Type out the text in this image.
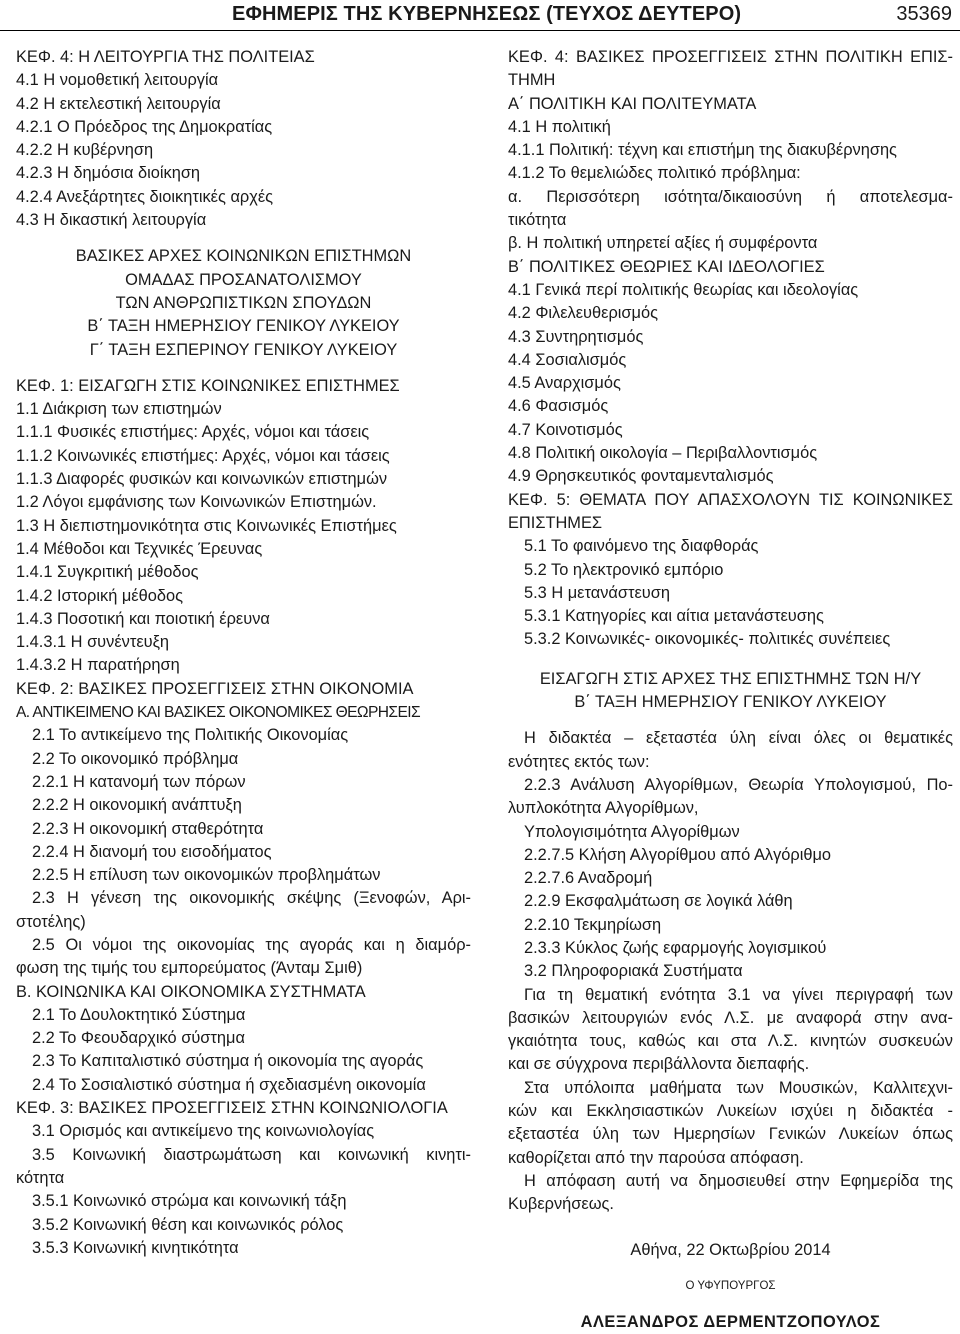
ΕΦΗΜΕΡΙΣ ΤΗΣ ΚΥΒΕΡΝΗΣΕΩΣ (ΤΕΥΧΟΣ ΔΕΥΤΕΡΟ)	35369
ΚΕΦ. 4: Η ΛΕΙΤΟΥΡΓΙΑ ΤΗΣ ΠΟΛΙΤΕΙΑΣ
4.1 Η νομοθετική λειτουργία
4.2 Η εκτελεστική λειτουργία
4.2.1 Ο Πρόεδρος της Δημοκρατίας
4.2.2 Η κυβέρνηση
4.2.3 Η δημόσια διοίκηση
4.2.4 Ανεξάρτητες διοικητικές αρχές
4.3 Η δικαστική λειτουργία
ΒΑΣΙΚΕΣ ΑΡΧΕΣ ΚΟΙΝΩΝΙΚΩΝ ΕΠΙΣΤΗΜΩΝ
ΟΜΑΔΑΣ ΠΡΟΣΑΝΑΤΟΛΙΣΜΟΥ
ΤΩΝ ΑΝΘΡΩΠΙΣΤΙΚΩΝ ΣΠΟΥΔΩΝ
Β΄ ΤΑΞΗ ΗΜΕΡΗΣΙΟΥ ΓΕΝΙΚΟΥ ΛΥΚΕΙΟΥ
Γ΄ ΤΑΞΗ ΕΣΠΕΡΙΝΟΥ ΓΕΝΙΚΟΥ ΛΥΚΕΙΟΥ
ΚΕΦ. 1: ΕΙΣΑΓΩΓΗ ΣΤΙΣ ΚΟΙΝΩΝΙΚΕΣ ΕΠΙΣΤΗΜΕΣ
1.1 Διάκριση των επιστημών
1.1.1 Φυσικές επιστήμες: Αρχές, νόμοι και τάσεις
1.1.2 Κοινωνικές επιστήμες: Αρχές, νόμοι και τάσεις
1.1.3 Διαφορές φυσικών και κοινωνικών επιστημών
1.2 Λόγοι εμφάνισης των Κοινωνικών Επιστημών.
1.3 Η διεπιστημονικότητα στις Κοινωνικές Επιστήμες
1.4 Μέθοδοι και Τεχνικές Έρευνας
1.4.1 Συγκριτική μέθοδος
1.4.2 Ιστορική μέθοδος
1.4.3 Ποσοτική και ποιοτική έρευνα
1.4.3.1 Η συνέντευξη
1.4.3.2 Η παρατήρηση
ΚΕΦ. 2: ΒΑΣΙΚΕΣ ΠΡΟΣΕΓΓΙΣΕΙΣ ΣΤΗΝ ΟΙΚΟΝΟΜΙΑ
Α. ΑΝΤΙΚΕΙΜΕΝΟ ΚΑΙ ΒΑΣΙΚΕΣ ΟΙΚΟΝΟΜΙΚΕΣ ΘΕΩΡΗΣΕΙΣ
2.1 Το αντικείμενο της Πολιτικής Οικονομίας
2.2 Το οικονομικό πρόβλημα
2.2.1 Η κατανομή των πόρων
2.2.2 Η οικονομική ανάπτυξη
2.2.3 Η οικονομική σταθερότητα
2.2.4 Η διανομή του εισοδήματος
2.2.5 Η επίλυση των οικονομικών προβλημάτων
2.3 Η γένεση της οικονομικής σκέψης (Ξενοφών, Αρι-
στοτέλης)
2.5 Οι νόμοι της οικονομίας της αγοράς και η διαμόρ-
φωση της τιμής του εμπορεύματος (Άνταμ Σμιθ)
Β. ΚΟΙΝΩΝΙΚΑ ΚΑΙ ΟΙΚΟΝΟΜΙΚΑ ΣΥΣΤΗΜΑΤΑ
2.1 Το Δουλοκτητικό Σύστημα
2.2 Το Φεουδαρχικό σύστημα
2.3 Το Καπιταλιστικό σύστημα ή οικονομία της αγοράς
2.4 Το Σοσιαλιστικό σύστημα ή σχεδιασμένη οικονομία
ΚΕΦ. 3: ΒΑΣΙΚΕΣ ΠΡΟΣΕΓΓΙΣΕΙΣ ΣΤΗΝ ΚΟΙΝΩΝΙΟΛΟΓΙΑ
3.1 Ορισμός και αντικείμενο της κοινωνιολογίας
3.5 Κοινωνική διαστρωμάτωση και κοινωνική κινητι-
κότητα
3.5.1 Κοινωνικό στρώμα και κοινωνική τάξη
3.5.2 Κοινωνική θέση και κοινωνικός ρόλος
3.5.3 Κοινωνική κινητικότητα
ΚΕΦ. 4: ΒΑΣΙΚΕΣ ΠΡΟΣΕΓΓΙΣΕΙΣ ΣΤΗΝ ΠΟΛΙΤΙΚΗ ΕΠΙΣ-
ΤΗΜΗ
Α΄ ΠΟΛΙΤΙΚΗ ΚΑΙ ΠΟΛΙΤΕΥΜΑΤΑ
4.1 Η πολιτική
4.1.1 Πολιτική: τέχνη και επιστήμη της διακυβέρνησης
4.1.2 Το θεμελιώδες πολιτικό πρόβλημα:
α. Περισσότερη ισότητα/δικαιοσύνη ή αποτελεσμα-
τικότητα
β. Η πολιτική υπηρετεί αξίες ή συμφέροντα
Β΄ ΠΟΛΙΤΙΚΕΣ ΘΕΩΡΙΕΣ ΚΑΙ ΙΔΕΟΛΟΓΙΕΣ
4.1 Γενικά περί πολιτικής θεωρίας και ιδεολογίας
4.2 Φιλελευθερισμός
4.3 Συντηρητισμός
4.4 Σοσιαλισμός
4.5 Αναρχισμός
4.6 Φασισμός
4.7 Κοινοτισμός
4.8 Πολιτική οικολογία – Περιβαλλοντισμός
4.9 Θρησκευτικός φονταμενταλισμός
ΚΕΦ. 5: ΘΕΜΑΤΑ ΠΟΥ ΑΠΑΣΧΟΛΟΥΝ ΤΙΣ ΚΟΙΝΩΝΙΚΕΣ
ΕΠΙΣΤΗΜΕΣ
5.1 Το φαινόμενο της διαφθοράς
5.2 Το ηλεκτρονικό εμπόριο
5.3 Η μετανάστευση
5.3.1 Κατηγορίες και αίτια μετανάστευσης
5.3.2 Κοινωνικές- οικονομικές- πολιτικές συνέπειες
ΕΙΣΑΓΩΓΗ ΣΤΙΣ ΑΡΧΕΣ ΤΗΣ ΕΠΙΣΤΗΜΗΣ ΤΩΝ Η/Υ
Β΄ ΤΑΞΗ ΗΜΕΡΗΣΙΟΥ ΓΕΝΙΚΟΥ ΛΥΚΕΙΟΥ
Η διδακτέα – εξεταστέα ύλη είναι όλες οι θεματικές
ενότητες εκτός των:
2.2.3 Ανάλυση Αλγορίθμων, Θεωρία Υπολογισμού, Πο-
λυπλοκότητα Αλγορίθμων,
Υπολογισιμότητα Αλγορίθμων
2.2.7.5 Κλήση Αλγορίθμου από Αλγόριθμο
2.2.7.6 Αναδρομή
2.2.9 Εκσφαλμάτωση σε λογικά λάθη
2.2.10 Τεκμηρίωση
2.3.3 Κύκλος ζωής εφαρμογής λογισμικού
3.2 Πληροφοριακά Συστήματα
Για τη θεματική ενότητα 3.1 να γίνει περιγραφή των
βασικών λειτουργιών ενός Λ.Σ. με αναφορά στην ανα-
γκαιότητα τους, καθώς και στα Λ.Σ. κινητών συσκευών
και σε σύγχρονα περιβάλλοντα διεπαφής.
Στα υπόλοιπα μαθήματα των Μουσικών, Καλλιτεχνι-
κών και Εκκλησιαστικών Λυκείων ισχύει η διδακτέα -
εξεταστέα ύλη των Ημερησίων Γενικών Λυκείων όπως
καθορίζεται από την παρούσα απόφαση.
Η απόφαση αυτή να δημοσιευθεί στην Εφημερίδα της
Κυβερνήσεως.
Αθήνα, 22 Οκτωβρίου 2014
Ο ΥΦΥΠΟΥΡΓΟΣ
ΑΛΕΞΑΝΔΡΟΣ ΔΕΡΜΕΝΤΖΟΠΟΥΛΟΣ
